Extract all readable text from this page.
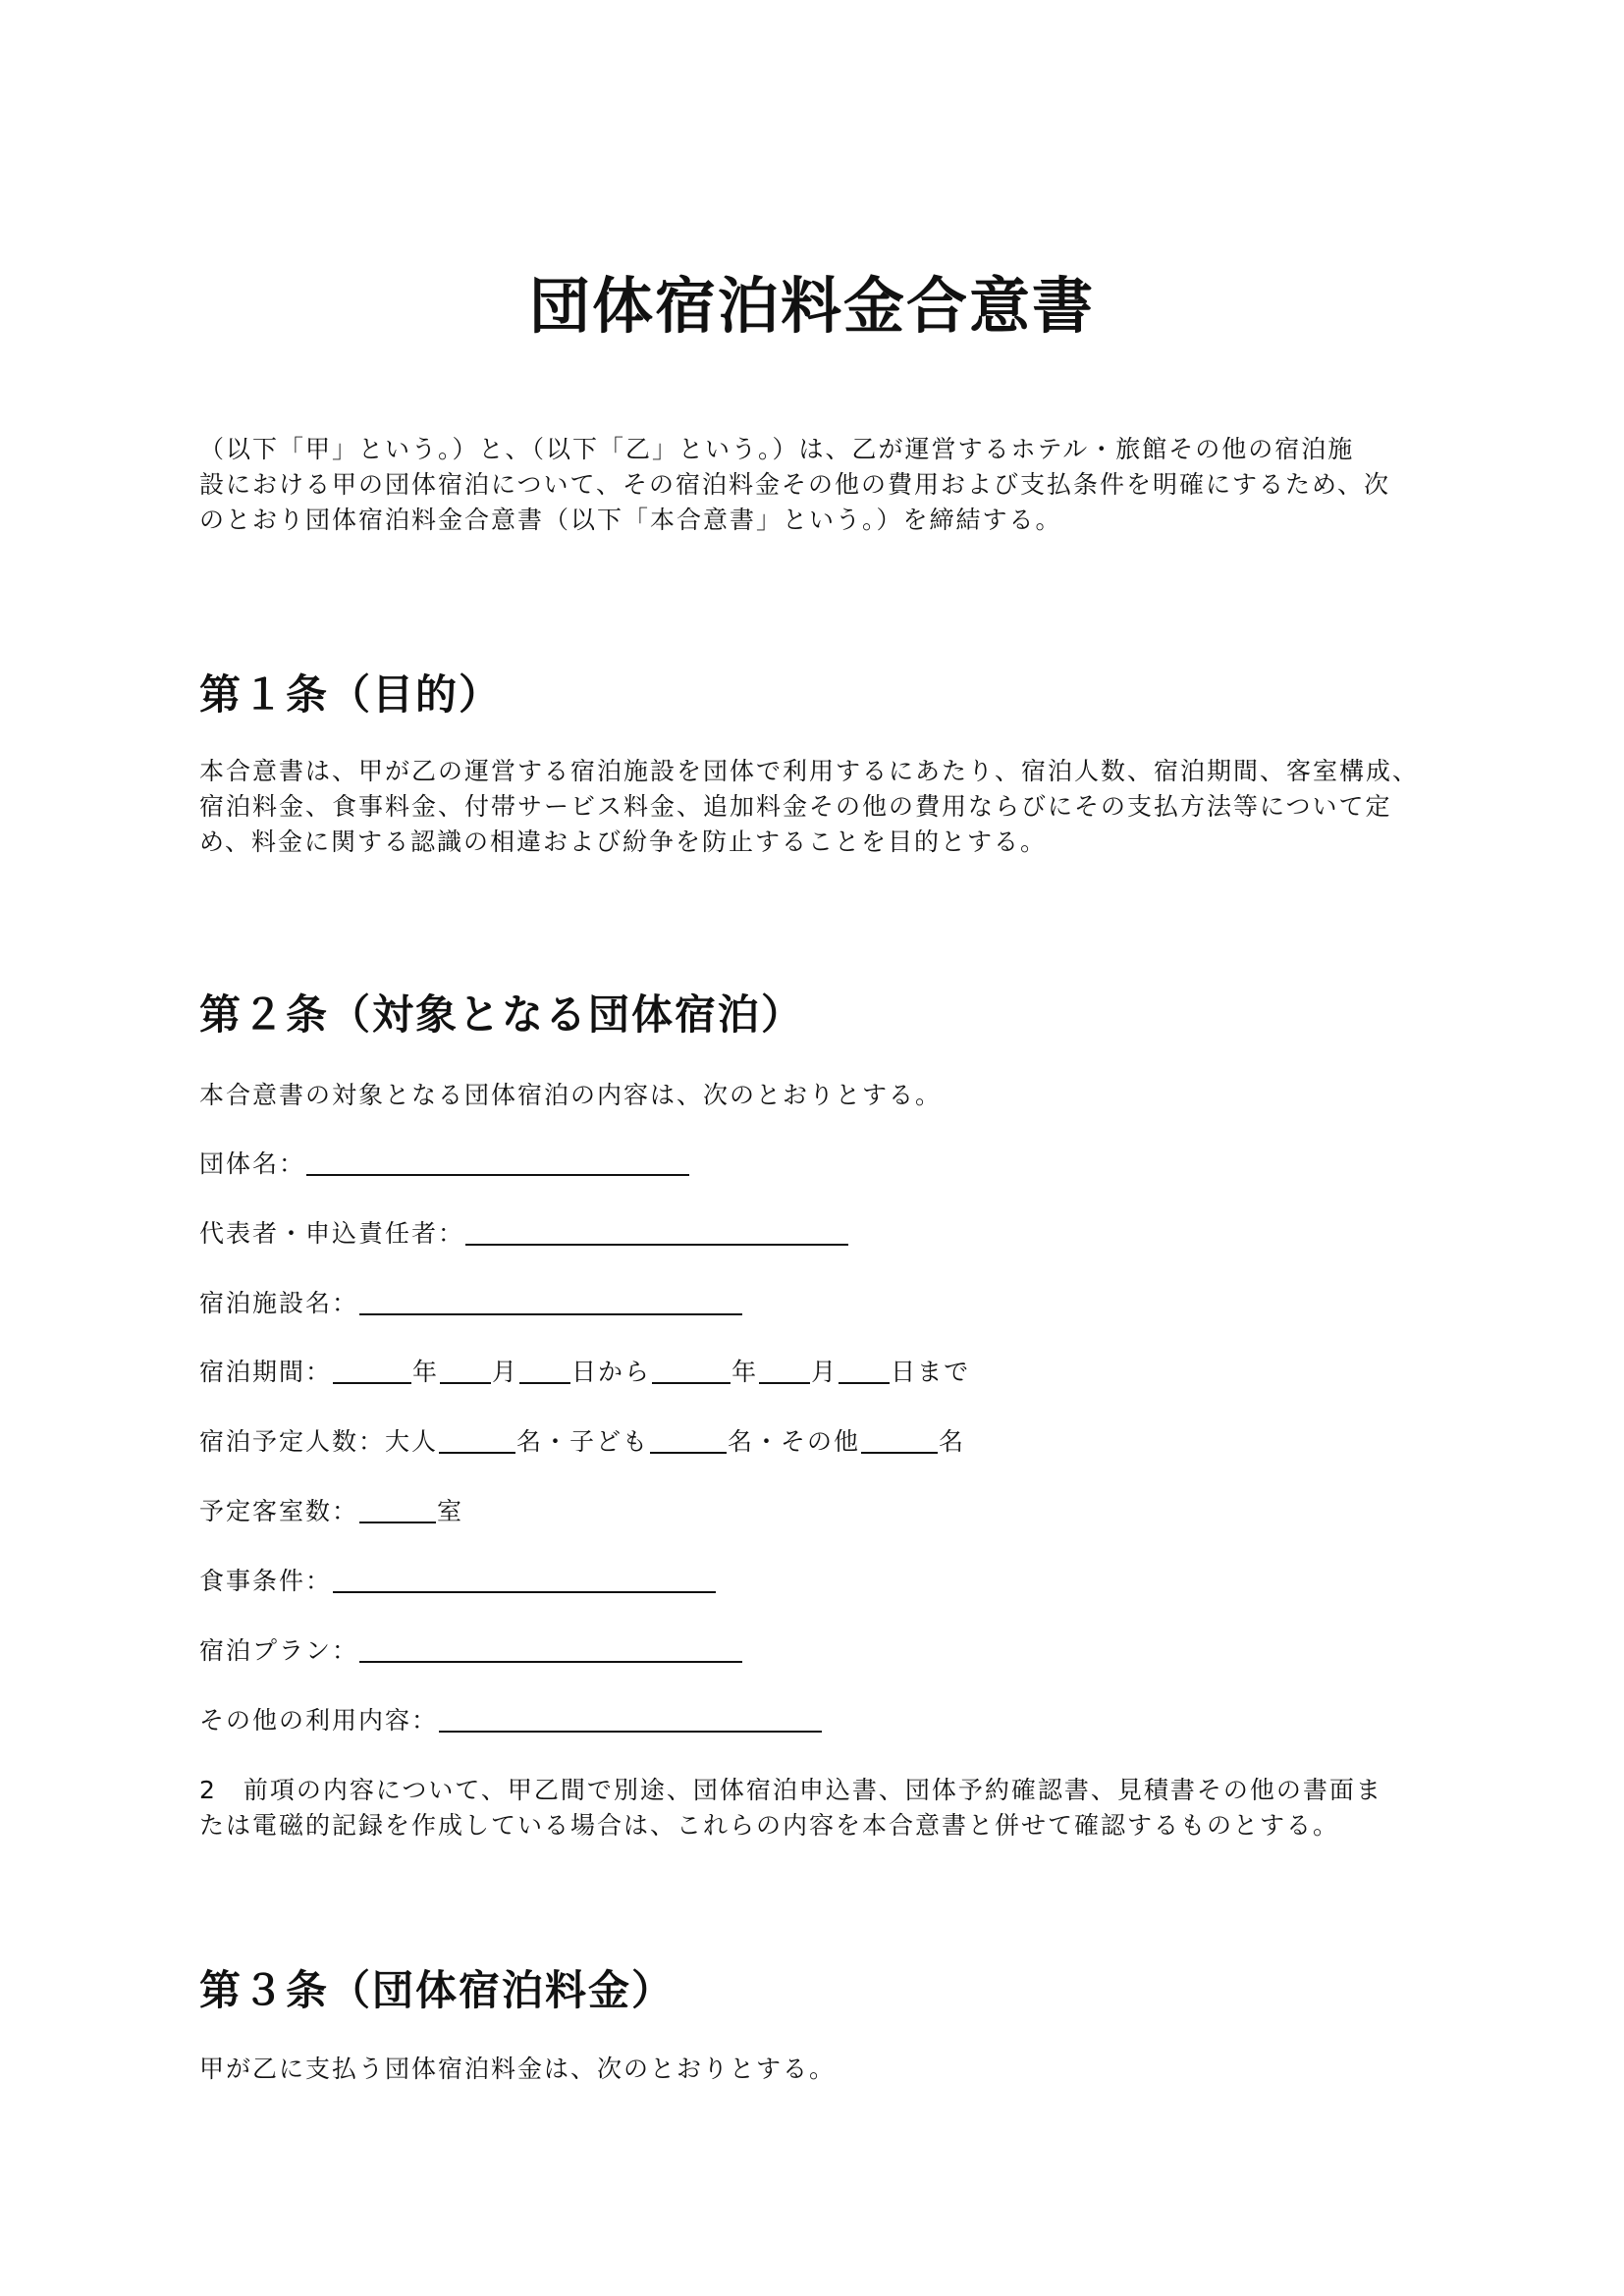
団体宿泊料金合意書

（以下「甲」という。）と、（以下「乙」という。）は、乙が運営するホテル・旅館その他の宿泊施
設における甲の団体宿泊について、その宿泊料金その他の費用および支払条件を明確にするため、次
のとおり団体宿泊料金合意書（以下「本合意書」という。）を締結する。

第１条（目的）

本合意書は、甲が乙の運営する宿泊施設を団体で利用するにあたり、宿泊人数、宿泊期間、客室構成、
宿泊料金、食事料金、付帯サービス料金、追加料金その他の費用ならびにその支払方法等について定
め、料金に関する認識の相違および紛争を防止することを目的とする。

第２条（対象となる団体宿泊）

本合意書の対象となる団体宿泊の内容は、次のとおりとする。

団体名：

代表者・申込責任者：

宿泊施設名：

宿泊期間：	年 月 日から	年 月 日まで

宿泊予定人数：大人	名・子ども	名・その他	名

予定客室数：	室

食事条件：

宿泊プラン：

その他の利用内容：

2　前項の内容について、甲乙間で別途、団体宿泊申込書、団体予約確認書、見積書その他の書面ま
たは電磁的記録を作成している場合は、これらの内容を本合意書と併せて確認するものとする。

第３条（団体宿泊料金）

甲が乙に支払う団体宿泊料金は、次のとおりとする。
